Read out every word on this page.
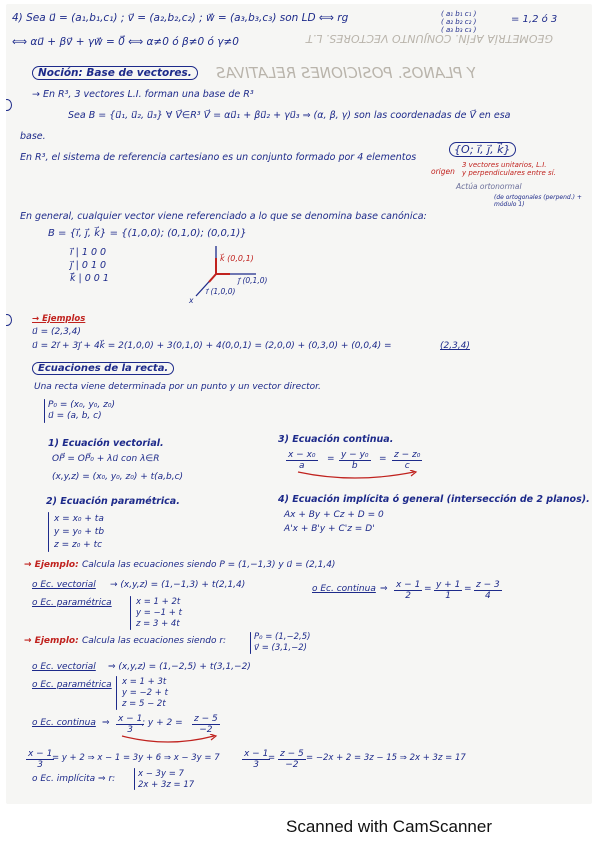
4) Sea u⃗ = (a₁,b₁,c₁) ; v⃗ = (a₂,b₂,c₂) ; w⃗ = (a₃,b₃,c₃) son LD ⟺ rg	( a₁ b₁ c₁ )
( a₂ b₂ c₂ )
( a₃ b₃ c₃ )
= 1,2 ó 3
⟺ αu⃗ + βv⃗ + γw⃗ = 0⃗ ⟺ α≠0 ó β≠0 ó γ≠0	GEOMETRÍA AFÍN. CONJUNTO VECTORES. L.T
Noción: Base de vectores.	Y PLANOS. POSICIONES RELATIVAS
→ En R³, 3 vectores L.I. forman una base de R³
Sea B = {u⃗₁, u⃗₂, u⃗₃} ∀ V⃗∈R³ V⃗ = αu⃗₁ + βu⃗₂ + γu⃗₃ ⇒ (α, β, γ) son las coordenadas de V⃗ en esa
base.
En R³, el sistema de referencia cartesiano es un conjunto formado por 4 elementos
{O; i⃗, j⃗, k⃗}
origen
3 vectores unitarios, L.I.
y perpendiculares entre sí.
Actúa ortonormal
(de ortogonales (perpend.) + módulo 1)
En general, cualquier vector viene referenciado a lo que se denomina base canónica:
B = {i⃗, j⃗, k⃗} = {(1,0,0); (0,1,0); (0,0,1)}
i⃗ | 1 0 0
j⃗ | 0 1 0
k⃗ | 0 0 1
k⃗ (0,0,1)
j⃗ (0,1,0)
i⃗ (1,0,0)
x
→ Ejemplos
u⃗ = (2,3,4)
u⃗ = 2i⃗ + 3j⃗ + 4k⃗ = 2(1,0,0) + 3(0,1,0) + 4(0,0,1) = (2,0,0) + (0,3,0) + (0,0,4) =	(2,3,4)
Ecuaciones de la recta.
Una recta viene determinada por un punto y un vector director.
P₀ = (x₀, y₀, z₀)
u⃗ = (a, b, c)
1) Ecuación vectorial.
OP⃗ = OP⃗₀ + λu⃗ con λ∈R
(x,y,z) = (x₀, y₀, z₀) + t(a,b,c)
2) Ecuación paramétrica.
x = x₀ + ta
y = y₀ + tb
z = z₀ + tc
3) Ecuación continua.
$\frac{\text{x − x₀}}{a} = \frac{\text{y − y₀}}{b} = \frac{\text{z − z₀}}{c}$
4) Ecuación implícita ó general (intersección de 2 planos).
Ax + By + Cz + D = 0
A'x + B'y + C'z = D'
→ Ejemplo: Calcula las ecuaciones siendo P = (1,−1,3) y u⃗ = (2,1,4)
o Ec. vectorial → (x,y,z) = (1,−1,3) + t(2,1,4)
o Ec. paramétrica	x = 1 + 2t
y = −1 + t
z = 3 + 4t
o Ec. continua ⇒ $\frac{x - 1}{2} = \frac{y + 1}{1} = \frac{z - 3}{4}$
→ Ejemplo: Calcula las ecuaciones siendo r:	P₀ = (1,−2,5)
v⃗ = (3,1,−2)
o Ec. vectorial ⇒ (x,y,z) = (1,−2,5) + t(3,1,−2)
o Ec. paramétrica x = 1 + 3t
y = −2 + t
z = 5 − 2t
o Ec. continua ⇒ $\frac{x - 1}{3}$
; $y + 2 = \frac{z - 5}{-2}$
$\frac{x - 1}{3}$
= y + 2 ⇒ x − 1 = 3y + 6 ⇒ $x - 3y = 7 \frac{x - 1}{3}$
= $\frac{z - 5}{-2} = -2x + 2 = 3z - 15$ ⇒ 2x + 3z = 17
o Ec. implícita ⇒ r:	x − 3y = 7
2x + 3z = 17
Scanned with CamScanner
